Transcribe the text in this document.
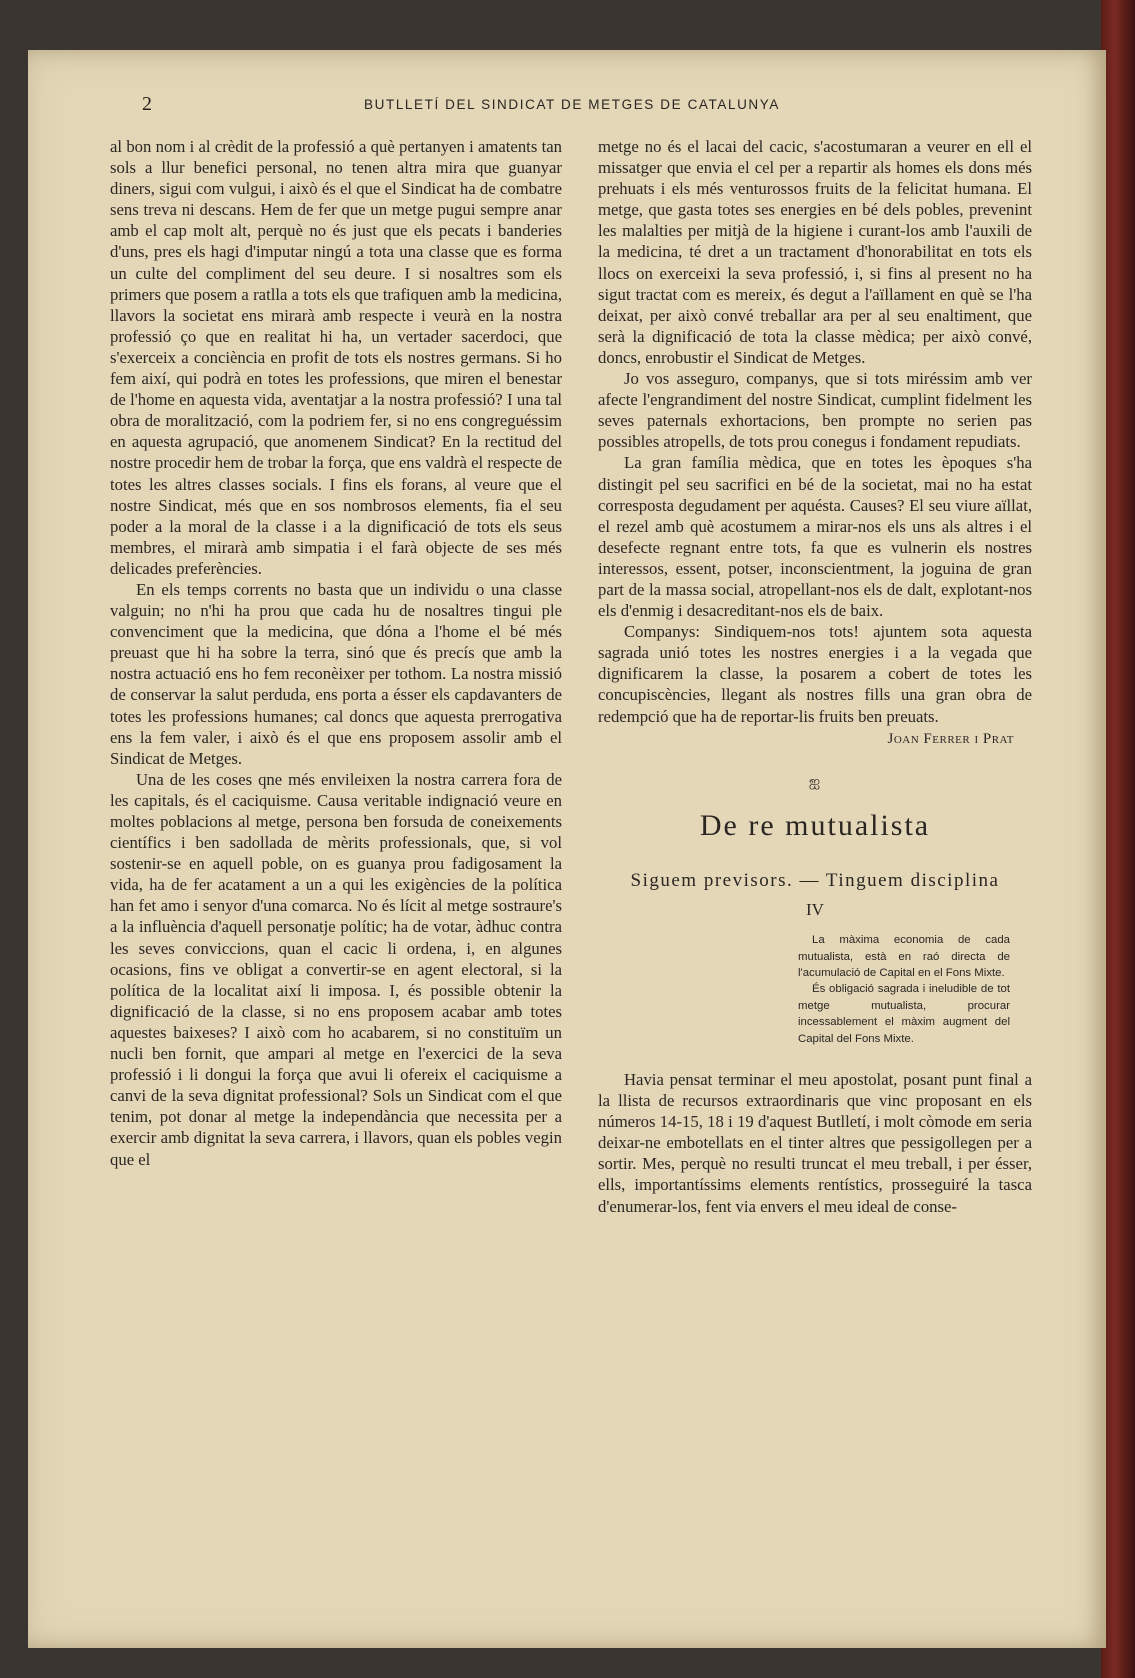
2	BUTLLETÍ DEL SINDICAT DE METGES DE CATALUNYA

al bon nom i al crèdit de la professió a què pertanyen i amatents tan sols a llur benefici personal, no tenen altra mira que guanyar diners, sigui com vulgui, i això és el que el Sindicat ha de combatre sens treva ni descans. Hem de fer que un metge pugui sempre anar amb el cap molt alt, perquè no és just que els pecats i banderies d'uns, pres els hagi d'imputar ningú a tota una classe que es forma un culte del compliment del seu deure. I si nosaltres som els primers que posem a ratlla a tots els que trafiquen amb la medicina, llavors la societat ens mirarà amb respecte i veurà en la nostra professió ço que en realitat hi ha, un vertader sacerdoci, que s'exerceix a conciència en profit de tots els nostres germans. Si ho fem així, qui podrà en totes les professions, que miren el benestar de l'home en aquesta vida, aventatjar a la nostra professió? I una tal obra de moralització, com la podriem fer, si no ens congreguéssim en aquesta agrupació, que anomenem Sindicat? En la rectitud del nostre procedir hem de trobar la força, que ens valdrà el respecte de totes les altres classes socials. I fins els forans, al veure que el nostre Sindicat, més que en sos nombrosos elements, fia el seu poder a la moral de la classe i a la dignificació de tots els seus membres, el mirarà amb simpatia i el farà objecte de ses més delicades preferències.

En els temps corrents no basta que un individu o una classe valguin; no n'hi ha prou que cada hu de nosaltres tingui ple convenciment que la medicina, que dóna a l'home el bé més preuast que hi ha sobre la terra, sinó que és precís que amb la nostra actuació ens ho fem reconèixer per tothom. La nostra missió de conservar la salut perduda, ens porta a ésser els capdavanters de totes les professions humanes; cal doncs que aquesta prerrogativa ens la fem valer, i això és el que ens proposem assolir amb el Sindicat de Metges.

Una de les coses qne més envileixen la nostra carrera fora de les capitals, és el caciquisme. Causa veritable indignació veure en moltes poblacions al metge, persona ben forsuda de coneixements científics i ben sadollada de mèrits professionals, que, si vol sostenir-se en aquell poble, on es guanya prou fadigosament la vida, ha de fer acatament a un a qui les exigències de la política han fet amo i senyor d'una comarca. No és lícit al metge sostraure's a la influència d'aquell personatje polític; ha de votar, àdhuc contra les seves conviccions, quan el cacic li ordena, i, en algunes ocasions, fins ve obligat a convertir-se en agent electoral, si la política de la localitat així li imposa. I, és possible obtenir la dignificació de la classe, si no ens proposem acabar amb totes aquestes baixeses? I això com ho acabarem, si no constituïm un nucli ben fornit, que ampari al metge en l'exercici de la seva professió i li dongui la força que avui li ofereix el caciquisme a canvi de la seva dignitat professional? Sols un Sindicat com el que tenim, pot donar al metge la independància que necessita per a exercir amb dignitat la seva carrera, i llavors, quan els pobles vegin que el

metge no és el lacai del cacic, s'acostumaran a veurer en ell el missatger que envia el cel per a repartir als homes els dons més prehuats i els més venturossos fruits de la felicitat humana. El metge, que gasta totes ses energies en bé dels pobles, prevenint les malalties per mitjà de la higiene i curant-los amb l'auxili de la medicina, té dret a un tractament d'honorabilitat en tots els llocs on exerceixi la seva professió, i, si fins al present no ha sigut tractat com es mereix, és degut a l'aïllament en què se l'ha deixat, per això convé treballar ara per al seu enaltiment, que serà la dignificació de tota la classe mèdica; per això convé, doncs, enrobustir el Sindicat de Metges.

Jo vos asseguro, companys, que si tots miréssim amb ver afecte l'engrandiment del nostre Sindicat, cumplint fidelment les seves paternals exhortacions, ben prompte no serien pas possibles atropells, de tots prou conegus i fondament repudiats.

La gran família mèdica, que en totes les èpoques s'ha distingit pel seu sacrifici en bé de la societat, mai no ha estat corresposta degudament per aquésta. Causes? El seu viure aïllat, el rezel amb què acostumem a mirar-nos els uns als altres i el desefecte regnant entre tots, fa que es vulnerin els nostres interessos, essent, potser, inconscientment, la joguina de gran part de la massa social, atropellant-nos els de dalt, explotant-nos els d'enmig i desacreditant-nos els de baix.

Companys: Sindiquem-nos tots! ajuntem sota aquesta sagrada unió totes les nostres energies i a la vegada que dignificarem la classe, la posarem a cobert de totes les concupiscències, llegant als nostres fills una gran obra de redempció que ha de reportar-lis fruits ben preuats.

Joan Ferrer i Prat
ஐ
De re mutualista
Siguem previsors. — Tinguem disciplina
IV
La màxima economia de cada mutualista, està en raó directa de l'acumulació de Capital en el Fons Mixte.
És obligació sagrada i ineludible de tot metge mutualista, procurar incessablement el màxim augment del Capital del Fons Mixte.

Havia pensat terminar el meu apostolat, posant punt final a la llista de recursos extraordinaris que vinc proposant en els números 14-15, 18 i 19 d'aquest Butlletí, i molt còmode em seria deixar-ne embotellats en el tinter altres que pessigollegen per a sortir. Mes, perquè no resulti truncat el meu treball, i per ésser, ells, importantíssims elements rentístics, prosseguiré la tasca d'enumerar-los, fent via envers el meu ideal de conse-
